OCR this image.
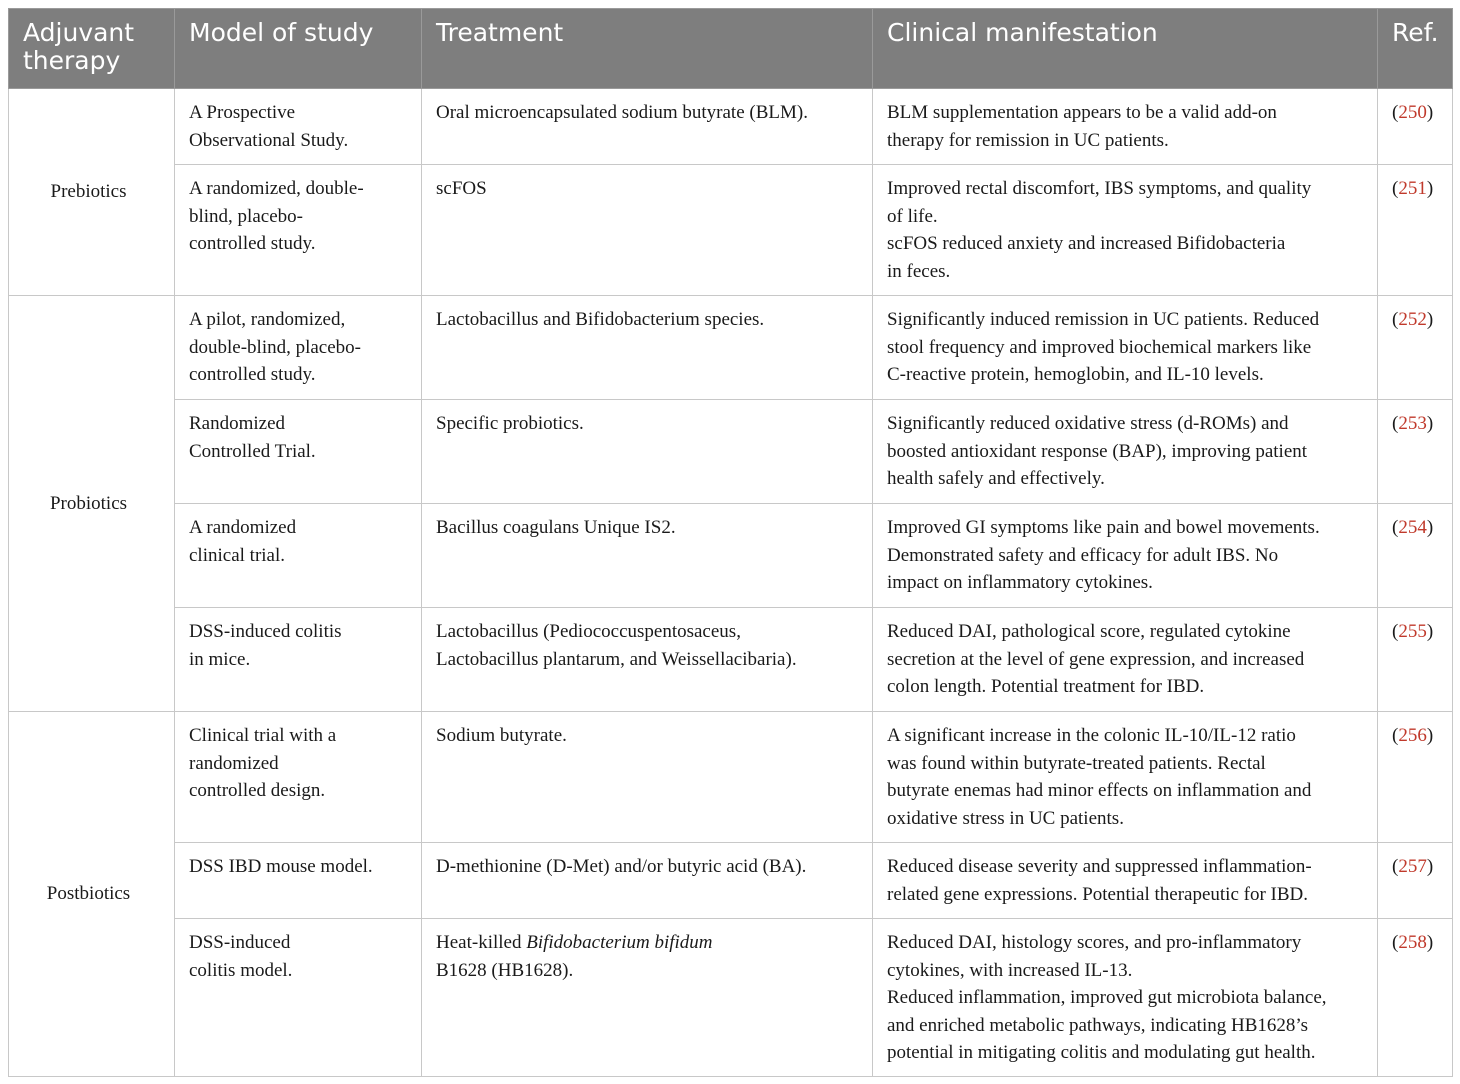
Adjuvant
therapy	Model of study	Treatment	Clinical manifestation	Ref.
Prebiotics	A Prospective
Observational Study.	Oral microencapsulated sodium butyrate (BLM).	BLM supplementation appears to be a valid add-on
therapy for remission in UC patients.	(250)

	A randomized, double-
blind, placebo-
controlled study.	scFOS	Improved rectal discomfort, IBS symptoms, and quality
of life.
scFOS reduced anxiety and increased Bifidobacteria
in feces.	(251)
Probiotics	A pilot, randomized,
double-blind, placebo-
controlled study.	Lactobacillus and Bifidobacterium species.	Significantly induced remission in UC patients. Reduced
stool frequency and improved biochemical markers like
C-reactive protein, hemoglobin, and IL-10 levels.	(252)

	Randomized
Controlled Trial.	Specific probiotics.	Significantly reduced oxidative stress (d-ROMs) and
boosted antioxidant response (BAP), improving patient
health safely and effectively.	(253)

	A randomized
clinical trial.	Bacillus coagulans Unique IS2.	Improved GI symptoms like pain and bowel movements.
Demonstrated safety and efficacy for adult IBS. No
impact on inflammatory cytokines.	(254)

	DSS-induced colitis
in mice.	Lactobacillus (Pediococcuspentosaceus,
Lactobacillus plantarum, and Weissellacibaria).	Reduced DAI, pathological score, regulated cytokine
secretion at the level of gene expression, and increased
colon length. Potential treatment for IBD.	(255)
Postbiotics	Clinical trial with a
randomized
controlled design.	Sodium butyrate.	A significant increase in the colonic IL-10/IL-12 ratio
was found within butyrate-treated patients. Rectal
butyrate enemas had minor effects on inflammation and
oxidative stress in UC patients.	(256)

	DSS IBD mouse model.	D-methionine (D-Met) and/or butyric acid (BA).	Reduced disease severity and suppressed inflammation-
related gene expressions. Potential therapeutic for IBD.	(257)

	DSS-induced
colitis model.	Heat-killed Bifidobacterium bifidum
B1628 (HB1628).	Reduced DAI, histology scores, and pro-inflammatory
cytokines, with increased IL-13.
Reduced inflammation, improved gut microbiota balance,
and enriched metabolic pathways, indicating HB1628’s
potential in mitigating colitis and modulating gut health.	(258)
